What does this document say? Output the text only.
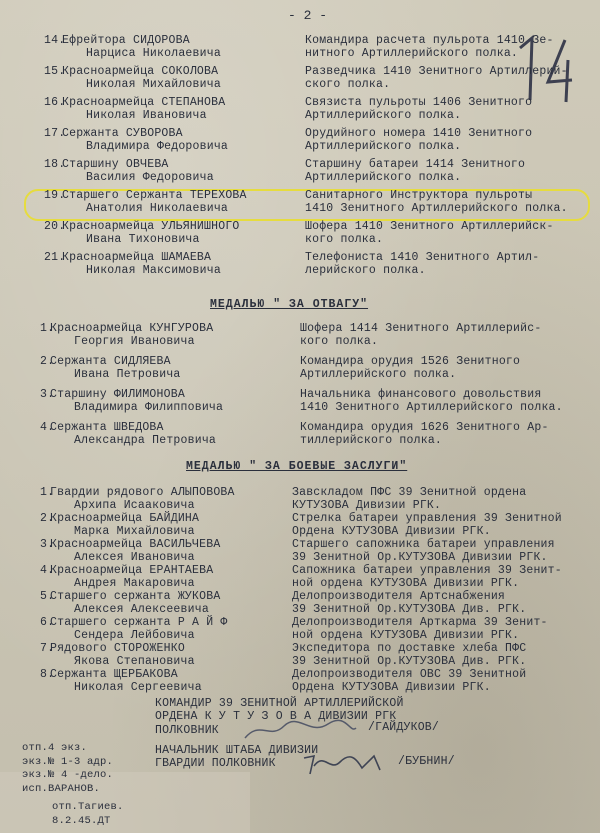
- 2 -
14.
Ефрейтора СИДОРОВА
Нарциса Николаевича
Командира расчета пульрота 1410 Зе-
нитного Артиллерийского полка.
15.
Красноармейца СОКОЛОВА
Николая Михайловича
Разведчика 1410 Зенитного Артиллерий-
ского полка.
16.
Красноармейца СТЕПАНОВА
Николая Ивановича
Связиста пульроты 1406 Зенитного
Артиллерийского полка.
17.
Сержанта СУВОРОВА
Владимира Федоровича
Орудийного номера 1410 Зенитного
Артиллерийского полка.
18.
Старшину ОВЧЕВА
Василия Федоровича
Старшину батареи 1414 Зенитного
Артиллерийского полка.
19.
Старшего Сержанта ТЕРЕХОВА
Анатолия Николаевича
Санитарного Инструктора пульроты
1410 Зенитного Артиллерийского полка.
20.
Красноармейца УЛЬЯНИШНОГО
Ивана Тихоновича
Шофера 1410 Зенитного Артиллерийск-
кого полка.
21.
Красноармейца ШАМАЕВА
Николая Максимовича
Телефониста 1410 Зенитного Артил-
лерийского полка.
МЕДАЛЬЮ " ЗА ОТВАГУ"
1.
Красноармейца КУНГУРОВА
Георгия Ивановича
Шофера 1414 Зенитного Артиллерийс-
кого полка.
2.
Сержанта СИДЛЯЕВА
Ивана Петровича
Командира орудия 1526 Зенитного
Артиллерийского полка.
3.
Старшину ФИЛИМОНОВА
Владимира Филипповича
Начальника финансового довольствия
1410 Зенитного Артиллерийского полка.
4.
Сержанта ШВЕДОВА
Александра Петровича
Командира орудия 1626 Зенитного Ар-
тиллерийского полка.
МЕДАЛЬЮ " ЗА БОЕВЫЕ ЗАСЛУГИ"
1.
Гвардии рядового АЛЫПОВОВА
Архипа Исааковича
Завскладом ПФС 39 Зенитной ордена
КУТУЗОВА Дивизии РГК.
2.
Красноармейца БАЙДИНА
Марка Михайловича
Стрелка батареи управления 39 Зенитной
Ордена КУТУЗОВА Дивизии РГК.
3.
Красноармейца ВАСИЛЬЧЕВА
Алексея Ивановича
Старшего сапожника батареи управления
39 Зенитной Ор.КУТУЗОВА Дивизии РГК.
4.
Красноармейца ЕРАНТАЕВА
Андрея Макаровича
Сапожника батареи управления 39 Зенит-
ной ордена КУТУЗОВА Дивизии РГК.
5.
Старшего сержанта ЖУКОВА
Алексея Алексеевича
Делопроизводителя Артснабжения
39 Зенитной Ор.КУТУЗОВА Див. РГК.
6.
Старшего сержанта Р А Й Ф
Сендера Лейбовича
Делопроизводителя Арткарма 39 Зенит-
ной ордена КУТУЗОВА Дивизии РГК.
7.
Рядового СТОРОЖЕНКО
Якова Степановича
Экспедитора по доставке хлеба ПФС
39 Зенитной Ор.КУТУЗОВА Див. РГК.
8.
Сержанта ЩЕРБАКОВА
Николая Сергеевича
Делопроизводителя ОВС 39 Зенитной
Ордена КУТУЗОВА Дивизии РГК.
КОМАНДИР 39 ЗЕНИТНОЙ АРТИЛЛЕРИЙСКОЙ
ОРДЕНА К У Т У З О В А ДИВИЗИИ РГК
ПОЛКОВНИК	/ГАЙДУКОВ/
НАЧАЛЬНИК ШТАБА ДИВИЗИИ
ГВАРДИИ ПОЛКОВНИК	/БУБНИН/
отп.4 экз.
экз.№ 1-3 адр.
экз.№ 4 -дело.
исп.ВАРАНОВ.
отп.Тагиев.
8.2.45.ДТ
